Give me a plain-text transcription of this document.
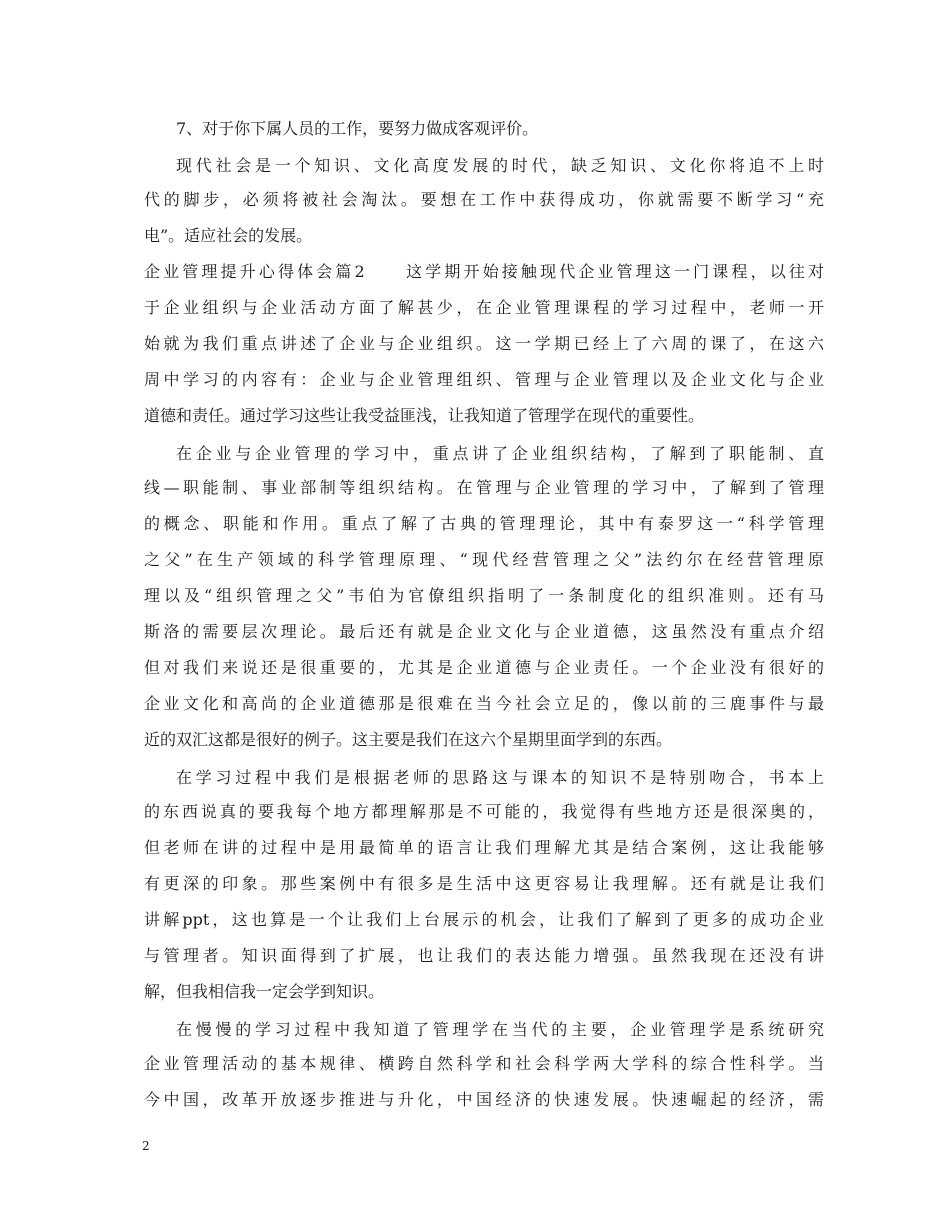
7、对于你下属人员的工作，要努力做成客观评价。

现代社会是一个知识、文化高度发展的时代，缺乏知识、文化你将追不上时

代的脚步，必须将被社会淘汰。要想在工作中获得成功，你就需要不断学习“充

电”。适应社会的发展。

企业管理提升心得体会篇2　　这学期开始接触现代企业管理这一门课程，以往对

于企业组织与企业活动方面了解甚少，在企业管理课程的学习过程中，老师一开

始就为我们重点讲述了企业与企业组织。这一学期已经上了六周的课了，在这六

周中学习的内容有：企业与企业管理组织、管理与企业管理以及企业文化与企业

道德和责任。通过学习这些让我受益匪浅，让我知道了管理学在现代的重要性。

在企业与企业管理的学习中，重点讲了企业组织结构，了解到了职能制、直

线—职能制、事业部制等组织结构。在管理与企业管理的学习中，了解到了管理

的概念、职能和作用。重点了解了古典的管理理论，其中有泰罗这一“科学管理

之父”在生产领域的科学管理原理、“现代经营管理之父”法约尔在经营管理原

理以及“组织管理之父”韦伯为官僚组织指明了一条制度化的组织准则。还有马

斯洛的需要层次理论。最后还有就是企业文化与企业道德，这虽然没有重点介绍

但对我们来说还是很重要的，尤其是企业道德与企业责任。一个企业没有很好的

企业文化和高尚的企业道德那是很难在当今社会立足的，像以前的三鹿事件与最

近的双汇这都是很好的例子。这主要是我们在这六个星期里面学到的东西。

在学习过程中我们是根据老师的思路这与课本的知识不是特别吻合，书本上

的东西说真的要我每个地方都理解那是不可能的，我觉得有些地方还是很深奥的，

但老师在讲的过程中是用最简单的语言让我们理解尤其是结合案例，这让我能够

有更深的印象。那些案例中有很多是生活中这更容易让我理解。还有就是让我们

讲解ppt，这也算是一个让我们上台展示的机会，让我们了解到了更多的成功企业

与管理者。知识面得到了扩展，也让我们的表达能力增强。虽然我现在还没有讲

解，但我相信我一定会学到知识。

在慢慢的学习过程中我知道了管理学在当代的主要，企业管理学是系统研究

企业管理活动的基本规律、横跨自然科学和社会科学两大学科的综合性科学。当

今中国，改革开放逐步推进与升化，中国经济的快速发展。快速崛起的经济，需

2
